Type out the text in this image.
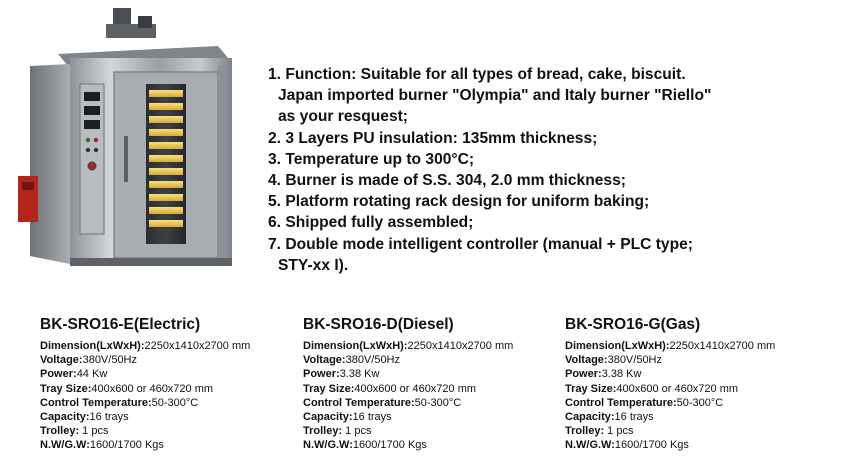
1. Function: Suitable for all types of bread, cake, biscuit.
Japan imported burner "Olympia" and Italy burner "Riello"
as your resquest;
2. 3 Layers PU insulation: 135mm thickness;
3. Temperature up to 300°C;
4. Burner is made of S.S. 304, 2.0 mm thickness;
5. Platform rotating rack design for uniform baking;
6. Shipped fully assembled;
7. Double mode intelligent controller (manual + PLC type;
STY-xx I).
BK-SRO16-E(Electric)
Dimension(LxWxH):2250x1410x2700 mm
Voltage:380V/50Hz
Power:44 Kw
Tray Size:400x600 or 460x720 mm
Control Temperature:50-300°C
Capacity:16 trays
Trolley: 1 pcs
N.W/G.W:1600/1700 Kgs
BK-SRO16-D(Diesel)
Dimension(LxWxH):2250x1410x2700 mm
Voltage:380V/50Hz
Power:3.38 Kw
Tray Size:400x600 or 460x720 mm
Control Temperature:50-300°C
Capacity:16 trays
Trolley: 1 pcs
N.W/G.W:1600/1700 Kgs
BK-SRO16-G(Gas)
Dimension(LxWxH):2250x1410x2700 mm
Voltage:380V/50Hz
Power:3.38 Kw
Tray Size:400x600 or 460x720 mm
Control Temperature:50-300°C
Capacity:16 trays
Trolley: 1 pcs
N.W/G.W:1600/1700 Kgs
